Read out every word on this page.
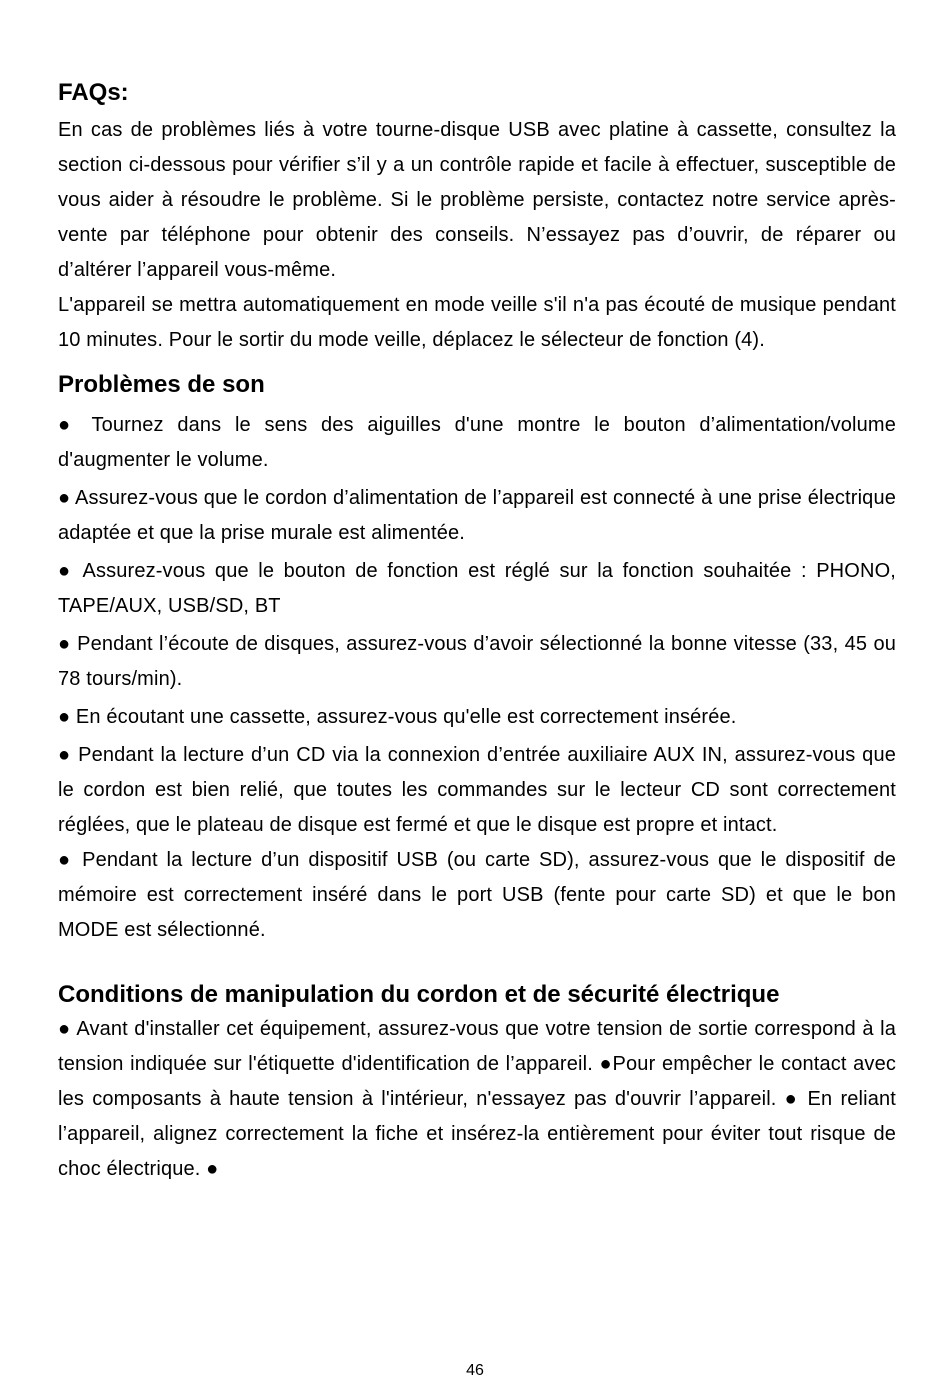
FAQs:

En cas de problèmes liés à votre tourne-disque USB avec platine à cassette, consultez la section ci-dessous pour vérifier s’il y a un contrôle rapide et facile à effectuer, susceptible de vous aider à résoudre le problème. Si le problème persiste, contactez notre service après-vente par téléphone pour obtenir des conseils. N’essayez pas d’ouvrir, de réparer ou d’altérer l’appareil vous-même.

L'appareil se mettra automatiquement en mode veille s'il n'a pas écouté de musique pendant 10 minutes. Pour le sortir du mode veille, déplacez le sélecteur de fonction (4).

Problèmes de son

● Tournez dans le sens des aiguilles d'une montre le bouton d’alimentation/volume d'augmenter le volume.

● Assurez-vous que le cordon d’alimentation de l’appareil est connecté à une prise électrique adaptée et que la prise murale est alimentée.

● Assurez-vous que le bouton de fonction est réglé sur la fonction souhaitée : PHONO, TAPE/AUX, USB/SD, BT

● Pendant l’écoute de disques, assurez-vous d’avoir sélectionné la bonne vitesse (33, 45 ou 78 tours/min).

● En écoutant une cassette, assurez-vous qu'elle est correctement insérée.

● Pendant la lecture d’un CD via la connexion d’entrée auxiliaire AUX IN, assurez-vous que le cordon est bien relié, que toutes les commandes sur le lecteur CD sont correctement réglées, que le plateau de disque est fermé et que le disque est propre et intact.

● Pendant la lecture d’un dispositif USB (ou carte SD), assurez-vous que le dispositif de mémoire est correctement inséré dans le port USB (fente pour carte SD) et que le bon MODE est sélectionné.

Conditions de manipulation du cordon et de sécurité électrique

● Avant d'installer cet équipement, assurez-vous que votre tension de sortie correspond à la tension indiquée sur l'étiquette d'identification de l’appareil. ●Pour empêcher le contact avec les composants à haute tension à l'intérieur, n'essayez pas d'ouvrir l’appareil. ● En reliant l’appareil, alignez correctement la fiche et insérez-la entièrement pour éviter tout risque de choc électrique. ●

46
